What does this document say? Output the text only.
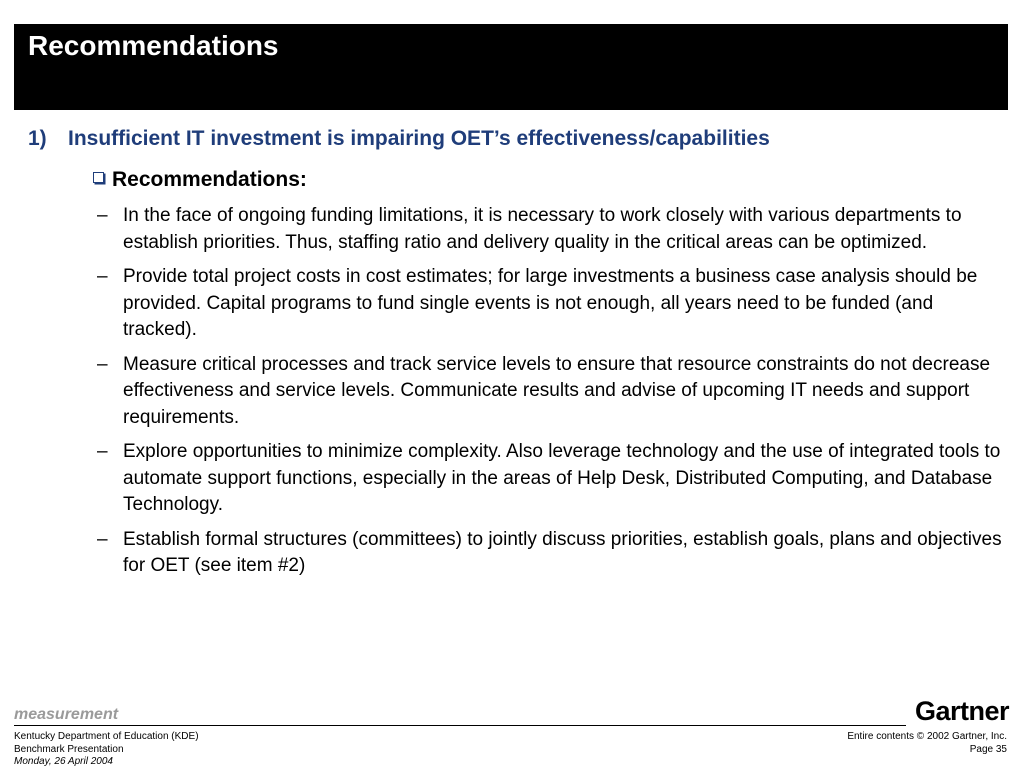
Recommendations
1) Insufficient IT investment is impairing OET’s effectiveness/capabilities
Recommendations:
– In the face of ongoing funding limitations, it is necessary to work closely with various departments to establish priorities. Thus, staffing ratio and delivery quality in the critical areas can be optimized.
– Provide total project costs in cost estimates; for large investments a business case analysis should be provided. Capital programs to fund single events is not enough, all years need to be funded (and tracked).
– Measure critical processes and track service levels to ensure that resource constraints do not decrease effectiveness and service levels. Communicate results and advise of upcoming IT needs and support requirements.
– Explore opportunities to minimize complexity. Also leverage technology and the use of integrated tools to automate support functions, especially in the areas of Help Desk, Distributed Computing, and Database Technology.
– Establish formal structures (committees) to jointly discuss priorities, establish goals, plans and objectives for OET (see item #2)
measurement	Gartner
Kentucky Department of Education (KDE)
Benchmark Presentation
Monday, 26 April 2004
Entire contents © 2002 Gartner, Inc.
Page 35
